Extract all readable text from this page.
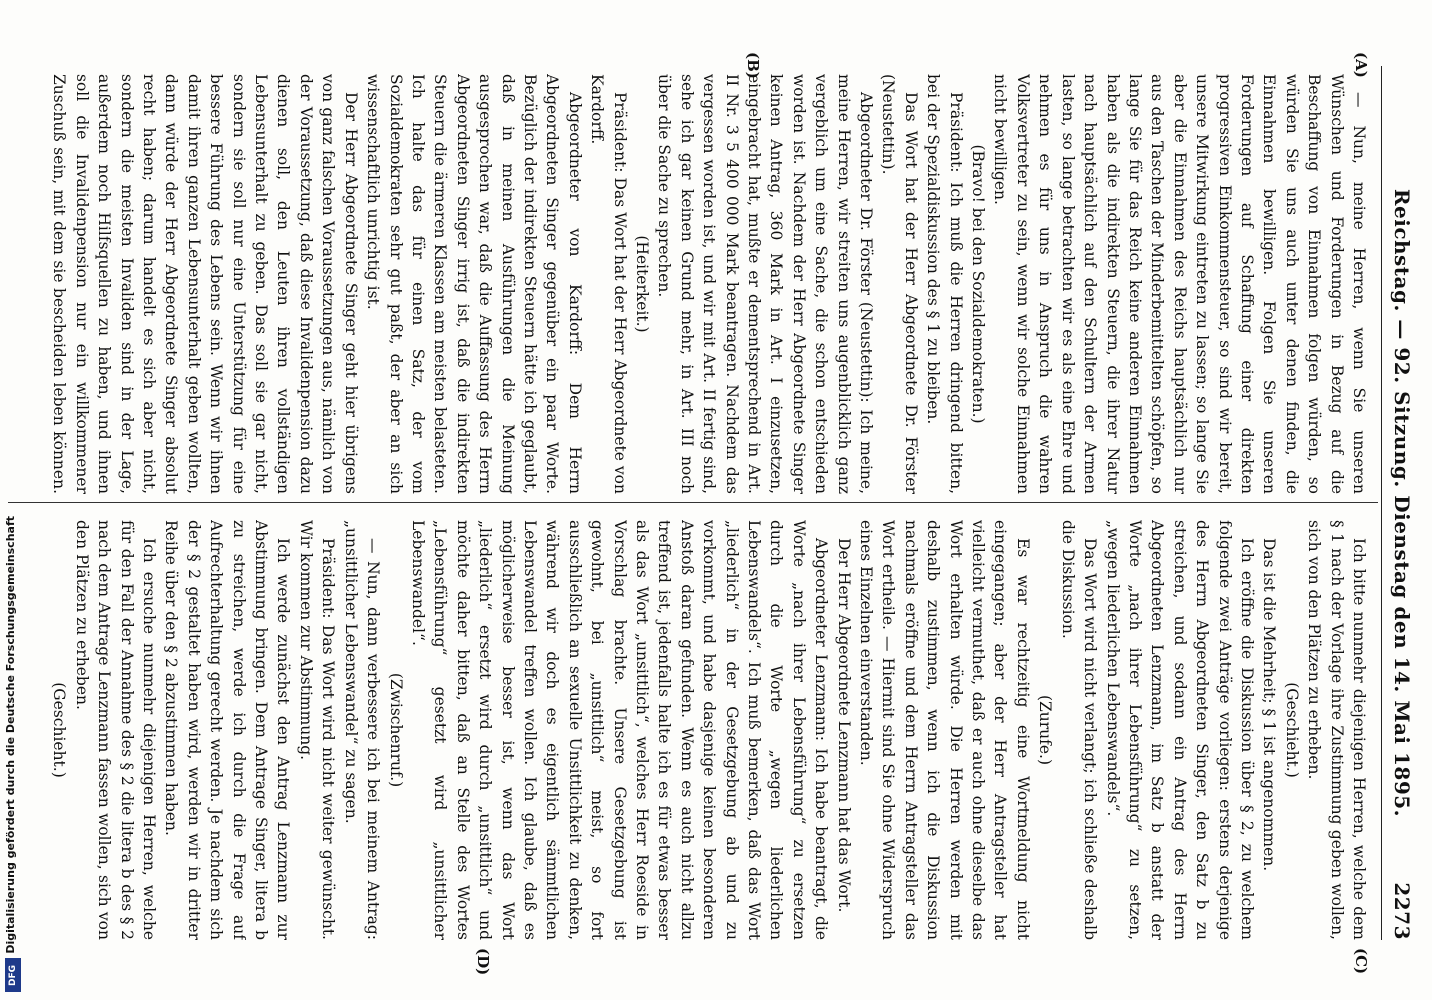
Reichstag. — 92. Sitzung. Dienstag den 14. Mai 1895.
2273
(A)
(B)
(C)
(D)

— Nun, meine Herren, wenn Sie unseren Wünschen und Forderungen in Bezug auf die Beschaffung von Einnahmen folgen würden, so würden Sie uns auch unter denen finden, die Einnahmen bewilligen. Folgen Sie unseren Forderungen auf Schaffung einer direkten progressiven Einkommensteuer, so sind wir bereit, unsere Mitwirkung eintreten zu lassen; so lange Sie aber die Einnahmen des Reichs hauptsächlich nur aus den Taschen der Minderbemittelten schöpfen, so lange Sie für das Reich keine anderen Einnahmen haben als die indirekten Steuern, die ihrer Natur nach hauptsächlich auf den Schultern der Armen lasten, so lange betrachten wir es als eine Ehre und nehmen es für uns in Anspruch die wahren Volksvertreter zu sein, wenn wir solche Einnahmen nicht bewilligen.

(Bravo! bei den Sozialdemokraten.)

Präsident: Ich muß die Herren dringend bitten, bei der Spezialdiskussion des § 1 zu bleiben.

Das Wort hat der Herr Abgeordnete Dr. Förster (Neustettin).

Abgeordneter Dr. Förster (Neustettin): Ich meine, meine Herren, wir streiten uns augenblicklich ganz vergeblich um eine Sache, die schon entschieden worden ist. Nachdem der Herr Abgeordnete Singer keinen Antrag, 360 Mark in Art. I einzusetzen, eingebracht hat, mußte er dementsprechend in Art. II Nr. 3 5 400 000 Mark beantragen. Nachdem das vergessen worden ist, und wir mit Art. II fertig sind, sehe ich gar keinen Grund mehr, in Art. III noch über die Sache zu sprechen.

(Heiterkeit.)

Präsident: Das Wort hat der Herr Abgeordnete von Kardorff.

Abgeordneter von Kardorff: Dem Herrn Abgeordneten Singer gegenüber ein paar Worte. Bezüglich der indirekten Steuern hätte ich geglaubt, daß in meinen Ausführungen die Meinung ausgesprochen war, daß die Auffassung des Herrn Abgeordneten Singer irrig ist, daß die indirekten Steuern die ärmeren Klassen am meisten belasteten. Ich halte das für einen Satz, der vom Sozialdemokraten sehr gut paßt, der aber an sich wissenschaftlich unrichtig ist.

Der Herr Abgeordnete Singer geht hier übrigens von ganz falschen Voraussetzungen aus, nämlich von der Voraussetzung, daß diese Invalidenpension dazu dienen soll, den Leuten ihren vollständigen Lebensunterhalt zu geben. Das soll sie gar nicht, sondern sie soll nur eine Unterstützung für eine bessere Führung des Lebens sein. Wenn wir ihnen damit ihren ganzen Lebensunterhalt geben wollten, dann würde der Herr Abgeordnete Singer absolut recht haben; darum handelt es sich aber nicht, sondern die meisten Invaliden sind in der Lage, außerdem noch Hilfsquellen zu haben, und ihnen soll die Invalidenpension nur ein willkommener Zuschuß sein, mit dem sie bescheiden leben können.

Ich bitte nunmehr diejenigen Herren, welche dem § 1 nach der Vorlage ihre Zustimmung geben wollen, sich von den Plätzen zu erheben.

(Geschieht.)

Das ist die Mehrheit; § 1 ist angenommen.

Ich eröffne die Diskussion über § 2, zu welchem folgende zwei Anträge vorliegen: erstens derjenige des Herrn Abgeordneten Singer, den Satz b zu streichen, und sodann ein Antrag des Herrn Abgeordneten Lenzmann, im Satz b anstatt der Worte „nach ihrer Lebensführung“ zu setzen, „wegen liederlichen Lebenswandels“.

Das Wort wird nicht verlangt; ich schließe deshalb die Diskussion.

(Zurufe.)

Es war rechtzeitig eine Wortmeldung nicht eingegangen; aber der Herr Antragsteller hat vielleicht vermuthet, daß er auch ohne dieselbe das Wort erhalten würde. Die Herren werden mit deshalb zustimmen, wenn ich die Diskussion nachmals eröffne und dem Herrn Antragsteller das Wort ertheile. — Hiermit sind Sie ohne Widerspruch eines Einzelnen einverstanden.

Der Herr Abgeordnete Lenzmann hat das Wort.

Abgeordneter Lenzmann: Ich habe beantragt, die Worte „nach ihrer Lebensführung“ zu ersetzen durch die Worte „wegen liederlichen Lebenswandels“. Ich muß bemerken, daß das Wort „liederlich“ in der Gesetzgebung ab und zu vorkommt, und habe dasjenige keinen besonderen Anstoß daran gefunden. Wenn es auch nicht allzu treffend ist, jedenfalls halte ich es für etwas besser als das Wort „unsittlich“, welches Herr Roeside in Vorschlag brachte. Unsere Gesetzgebung ist gewohnt, bei „unsittlich“ meist, so fort ausschließlich an sexuelle Unsittlichkeit zu denken, während wir doch es eigentlich sämmtlichen Lebenswandel treffen wollen. Ich glaube, daß es möglicherweise besser ist, wenn das Wort „liederlich“ ersetzt wird durch „unsittlich“ und möchte daher bitten, daß an Stelle des Wortes „Lebensführung“ gesetzt wird „unsittlicher Lebenswandel“.

(Zwischenruf.)

— Nun, dann verbessere ich bei meinem Antrag: „unsittlicher Lebenswandel“ zu sagen.

Präsident: Das Wort wird nicht weiter gewünscht. Wir kommen zur Abstimmung.

Ich werde zunächst den Antrag Lenzmann zur Abstimmung bringen. Dem Antrage Singer, litera b zu streichen, werde ich durch die Frage auf Aufrechterhaltung gerecht werden. Je nachdem sich der § 2 gestaltet haben wird, werden wir in dritter Reihe über den § 2 abzustimmen haben.

Ich ersuche nunmehr diejenigen Herren, welche für den Fall der Annahme des § 2 die litera b des § 2 nach dem Antrage Lenzmann fassen wollen, sich von den Plätzen zu erheben.

(Geschieht.)

Digitalisierung gefördert durch die Deutsche Forschungsgemeinschaft
DFG
